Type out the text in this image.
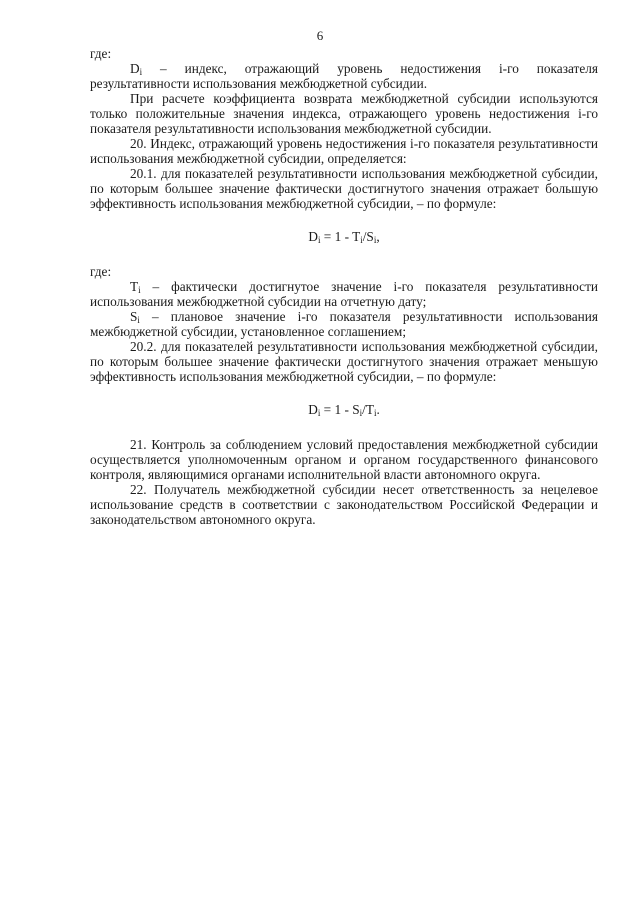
6

где:

$D_i$ – индекс, отражающий уровень недостижения i-го показателя результативности использования межбюджетной субсидии.

При расчете коэффициента возврата межбюджетной субсидии используются только положительные значения индекса, отражающего уровень недостижения i-го показателя результативности использования межбюджетной субсидии.

20. Индекс, отражающий уровень недостижения i-го показателя результативности использования межбюджетной субсидии, определяется:

20.1. для показателей результативности использования межбюджетной субсидии, по которым большее значение фактически достигнутого значения отражает большую эффективность использования межбюджетной субсидии, – по формуле:

$D_i = 1 - T_i/S_i$,

где:

$T_i$ – фактически достигнутое значение i-го показателя результативности использования межбюджетной субсидии на отчетную дату;

$S_i$ – плановое значение i-го показателя результативности использования межбюджетной субсидии, установленное соглашением;

20.2. для показателей результативности использования межбюджетной субсидии, по которым большее значение фактически достигнутого значения отражает меньшую эффективность использования межбюджетной субсидии, – по формуле:

$D_i = 1 - S_i/T_i$.

21. Контроль за соблюдением условий предоставления межбюджетной субсидии осуществляется уполномоченным органом и органом государственного финансового контроля, являющимися органами исполнительной власти автономного округа.

22. Получатель межбюджетной субсидии несет ответственность за нецелевое использование средств в соответствии с законодательством Российской Федерации и законодательством автономного округа.
